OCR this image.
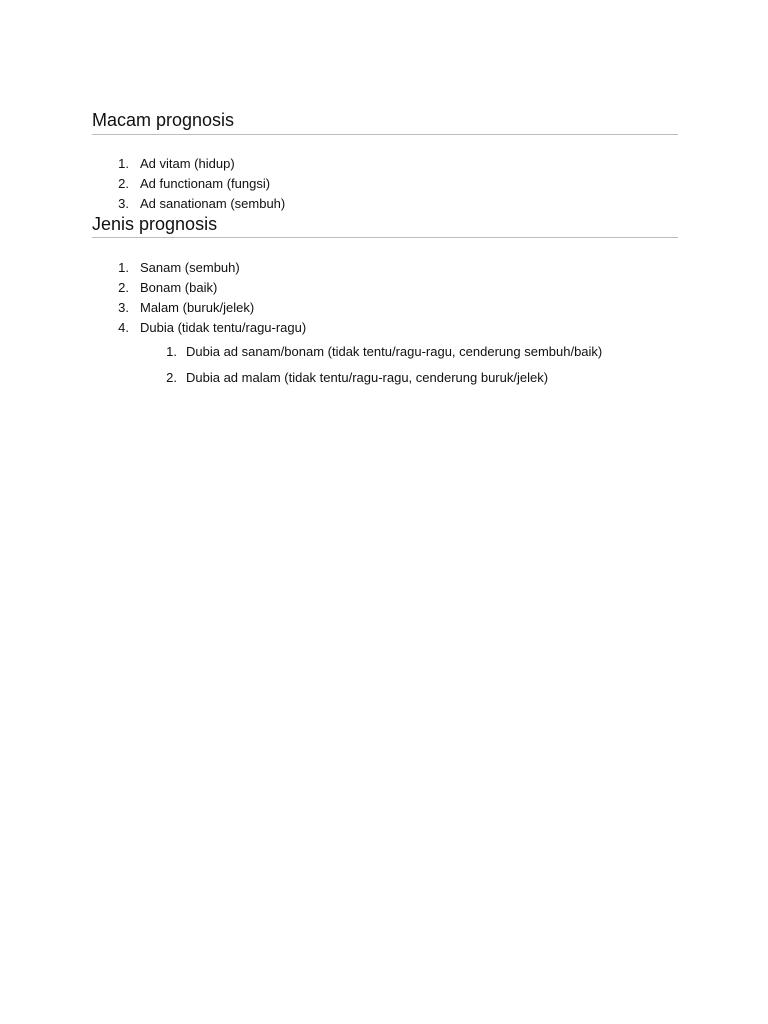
Macam prognosis
1. Ad vitam (hidup)
2. Ad functionam (fungsi)
3. Ad sanationam (sembuh)
Jenis prognosis
1. Sanam (sembuh)
2. Bonam (baik)
3. Malam (buruk/jelek)
4. Dubia (tidak tentu/ragu-ragu)
1. Dubia ad sanam/bonam (tidak tentu/ragu-ragu, cenderung sembuh/baik)
2. Dubia ad malam (tidak tentu/ragu-ragu, cenderung buruk/jelek)
